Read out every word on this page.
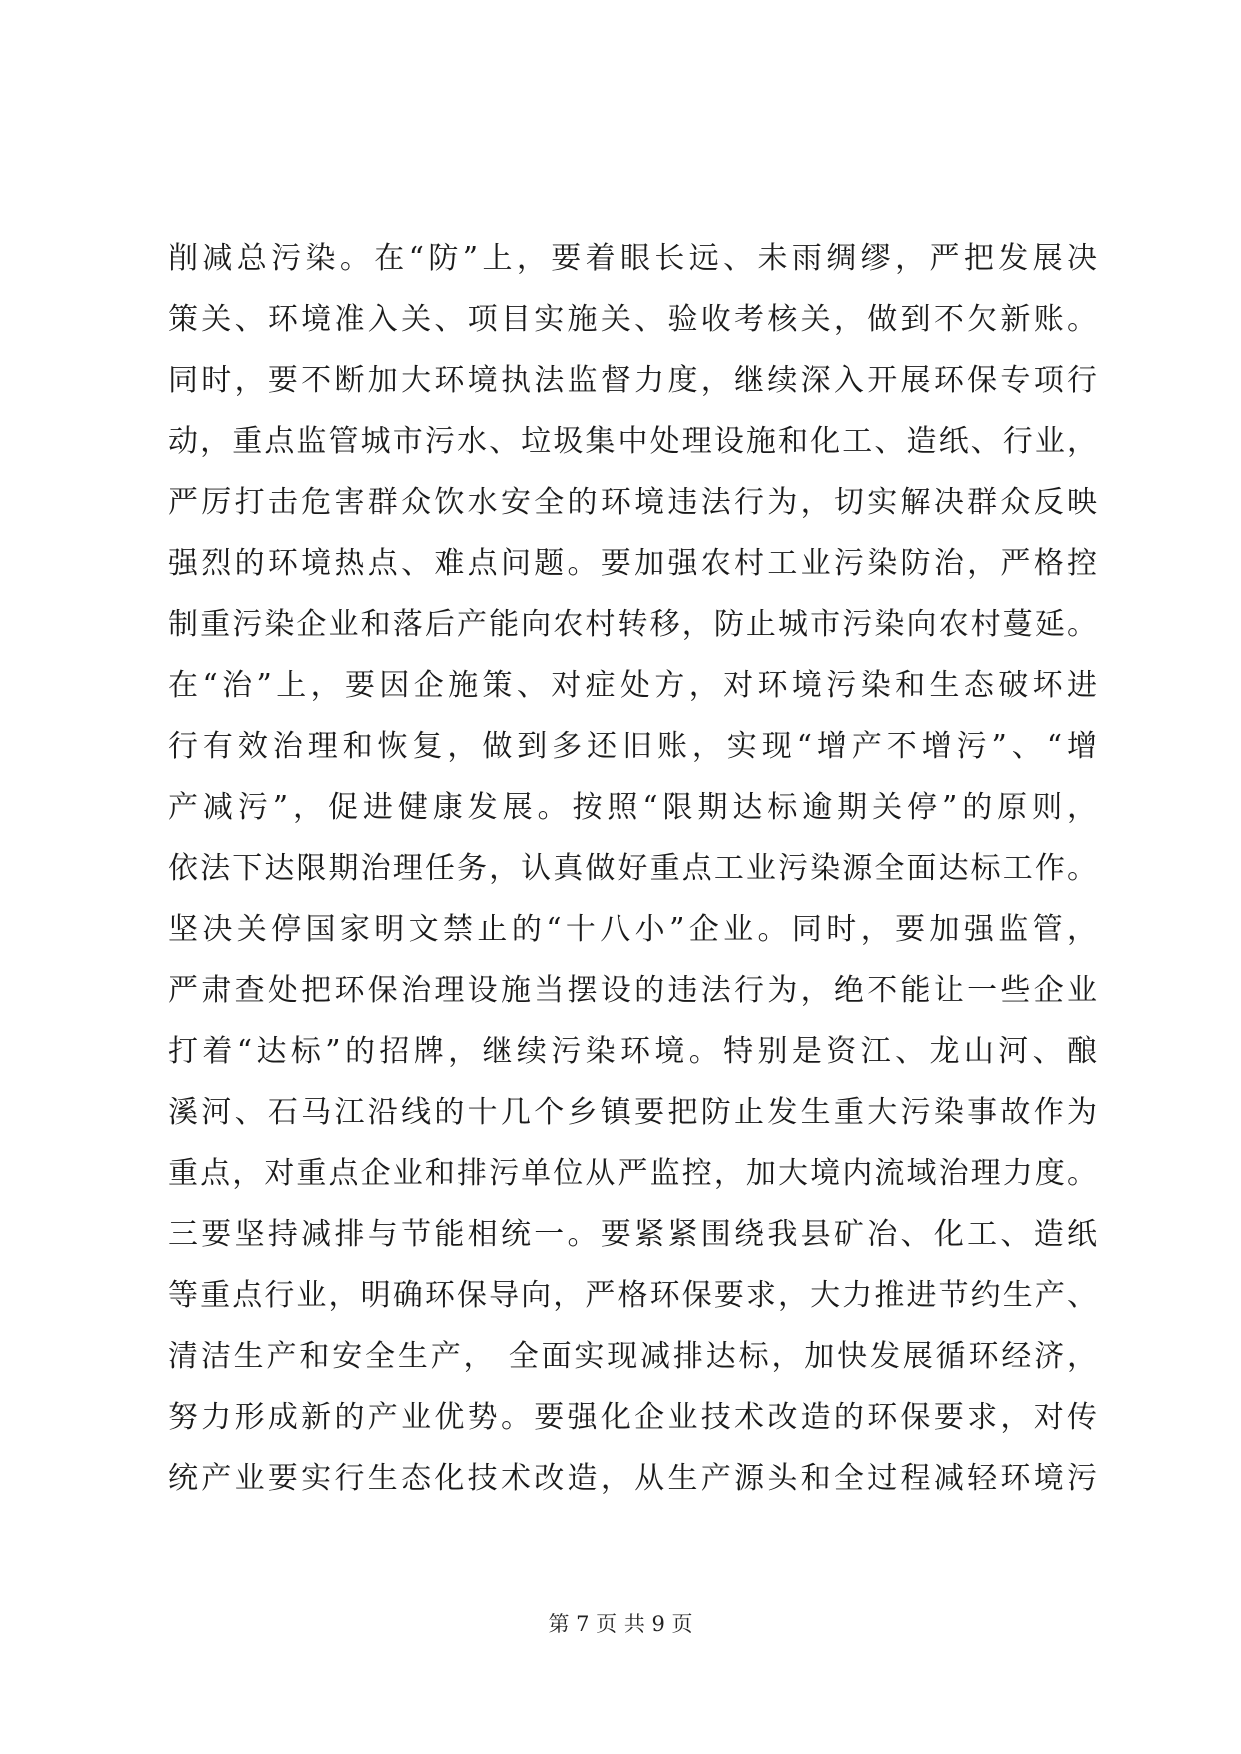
削减总污染。在“防”上，要着眼长远、未雨绸缪，严把发展决
策关、环境准入关、项目实施关、验收考核关，做到不欠新账。
同时，要不断加大环境执法监督力度，继续深入开展环保专项行
动，重点监管城市污水、垃圾集中处理设施和化工、造纸、行业，
严厉打击危害群众饮水安全的环境违法行为，切实解决群众反映
强烈的环境热点、难点问题。要加强农村工业污染防治，严格控
制重污染企业和落后产能向农村转移，防止城市污染向农村蔓延。
在“治”上，要因企施策、对症处方，对环境污染和生态破坏进
行有效治理和恢复，做到多还旧账，实现“增产不增污”、“增
产减污”，促进健康发展。按照“限期达标逾期关停”的原则，
依法下达限期治理任务，认真做好重点工业污染源全面达标工作。
坚决关停国家明文禁止的“十八小”企业。同时，要加强监管，
严肃查处把环保治理设施当摆设的违法行为，绝不能让一些企业
打着“达标”的招牌，继续污染环境。特别是资江、龙山河、酿
溪河、石马江沿线的十几个乡镇要把防止发生重大污染事故作为
重点，对重点企业和排污单位从严监控，加大境内流域治理力度。
三要坚持减排与节能相统一。要紧紧围绕我县矿冶、化工、造纸
等重点行业，明确环保导向，严格环保要求，大力推进节约生产、
清洁生产和安全生产， 全面实现减排达标，加快发展循环经济，
努力形成新的产业优势。要强化企业技术改造的环保要求，对传
统产业要实行生态化技术改造，从生产源头和全过程减轻环境污
第 7 页 共 9 页
